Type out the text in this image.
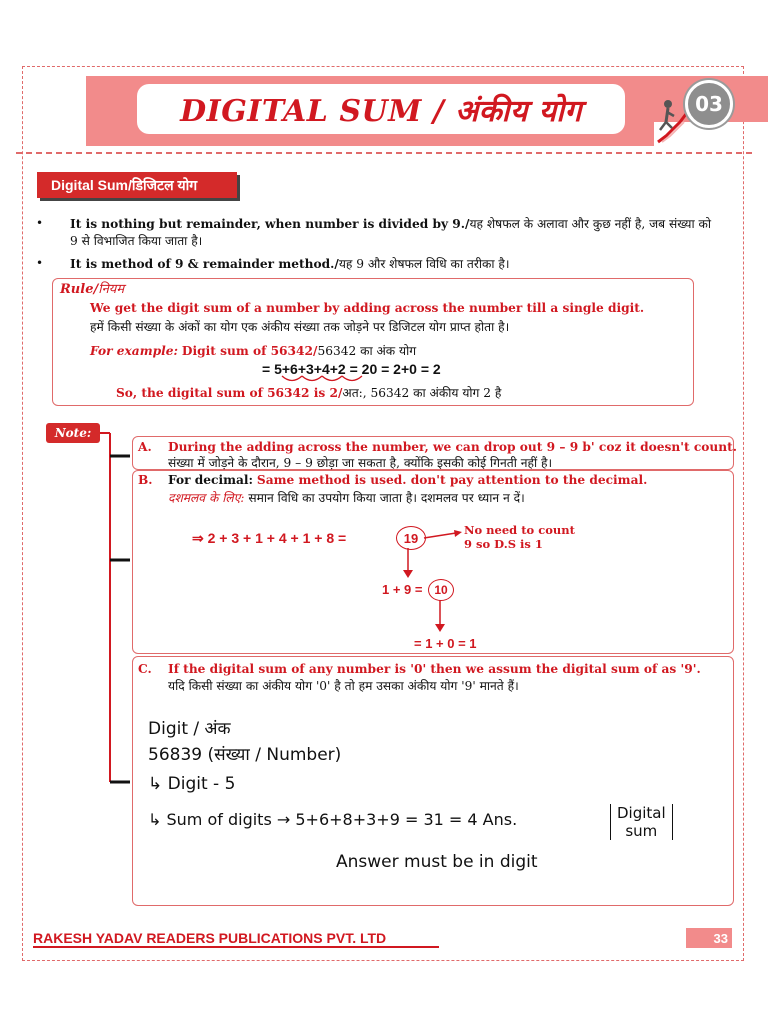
DIGITAL SUM / अंकीय योग	03
Digital Sum/डिजिटल योग
• It is nothing but remainder, when number is divided by 9./यह शेषफल के अलावा और कुछ नहीं है, जब संख्या को
9 से विभाजित किया जाता है।
• It is method of 9 & remainder method./यह 9 और शेषफल विधि का तरीका है।
Rule/नियम
We get the digit sum of a number by adding across the number till a single digit.
हमें किसी संख्या के अंकों का योग एक अंकीय संख्या तक जोड़ने पर डिजिटल योग प्राप्त होता है।
For example: Digit sum of 56342/56342 का अंक योग
= 5+6+3+4+2 = 20 = 2+0 = 2
So, the digital sum of 56342 is 2/अत:, 56342 का अंकीय योग 2 है
Note:
A. During the adding across the number, we can drop out 9 – 9 b' coz it doesn't count.
संख्या में जोड़ने के दौरान, 9 – 9 छोड़ा जा सकता है, क्योंकि इसकी कोई गिनती नहीं है।
B. For decimal: Same method is used. don't pay attention to the decimal.
दशमलव के लिए: समान विधि का उपयोग किया जाता है। दशमलव पर ध्यान न दें।
⇒ 2 + 3 + 1 + 4 + 1 + 8 =	19
No need to count
9 so D.S is 1
1 + 9 = 10
= 1 + 0 = 1
C. If the digital sum of any number is '0' then we assum the digital sum of as '9'.
यदि किसी संख्या का अंकीय योग '0' है तो हम उसका अंकीय योग '9' मानते हैं।
Digit / अंक
56839 (संख्या / Number)
↳ Digit - 5
↳ Sum of digits → 5+6+8+3+9 = 31 = 4 Ans.	Digital
sum
Answer must be in digit
RAKESH YADAV READERS PUBLICATIONS PVT. LTD	33
